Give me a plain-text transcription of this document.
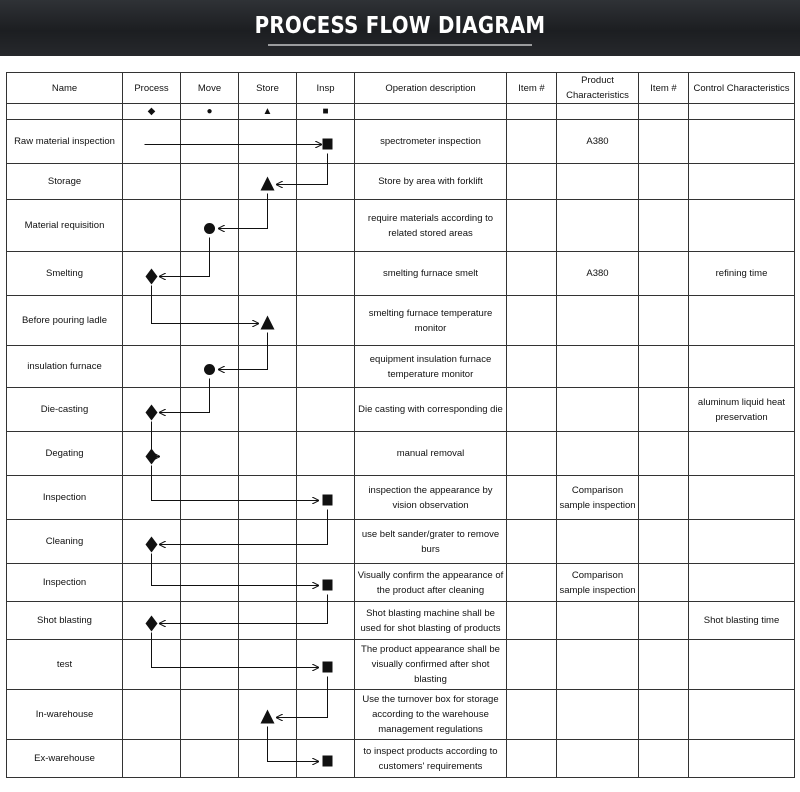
PROCESS FLOW DIAGRAM
Name	Process	Move	Store	Insp	Operation description	Item #	Product Characteristics	Item #	Control Characteristics
	◆	●	▲	■					
Raw material inspection					spectrometer inspection		A380		
Storage					Store by area with forklift				
Material requisition					require materials according to related stored areas				
Smelting					smelting furnace smelt		A380		refining time
Before pouring ladle					smelting furnace temperature monitor				
insulation furnace					equipment insulation furnace temperature monitor				
Die-casting					Die casting with corresponding die				aluminum liquid heat preservation
Degating					manual removal				
Inspection					inspection the appearance by vision observation		Comparison sample inspection		
Cleaning					use belt sander/grater to remove burs				
Inspection					Visually confirm the appearance of the product after cleaning		Comparison sample inspection		
Shot blasting					Shot blasting machine shall be used for shot blasting of products				Shot blasting time
test					The product appearance shall be visually confirmed after shot blasting				
In-warehouse					Use the turnover box for storage according to the warehouse management regulations				
Ex-warehouse					to inspect products according to customers' requirements				
